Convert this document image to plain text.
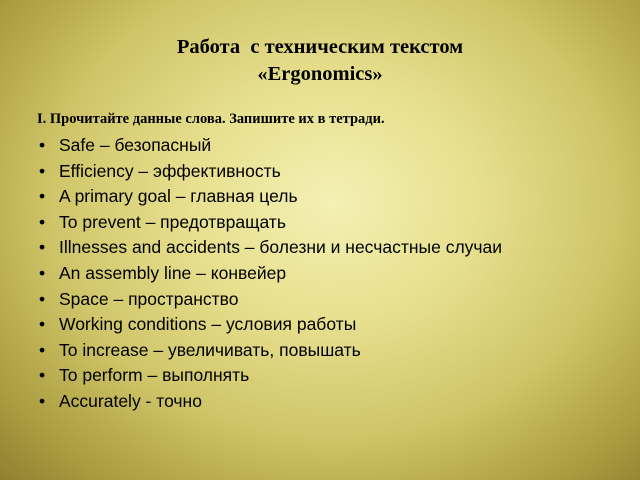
Работа  с техническим текстом
«Ergonomics»
I. Прочитайте данные слова. Запишите их в тетради.
• Safe – безопасный
• Efficiency – эффективность
• A primary goal – главная цель
• To prevent – предотвращать
• Illnesses and accidents – болезни и несчастные случаи
• An assembly line – конвейер
• Space – пространство
• Working conditions – условия работы
• To increase – увеличивать, повышать
• To perform – выполнять
• Accurately - точно
